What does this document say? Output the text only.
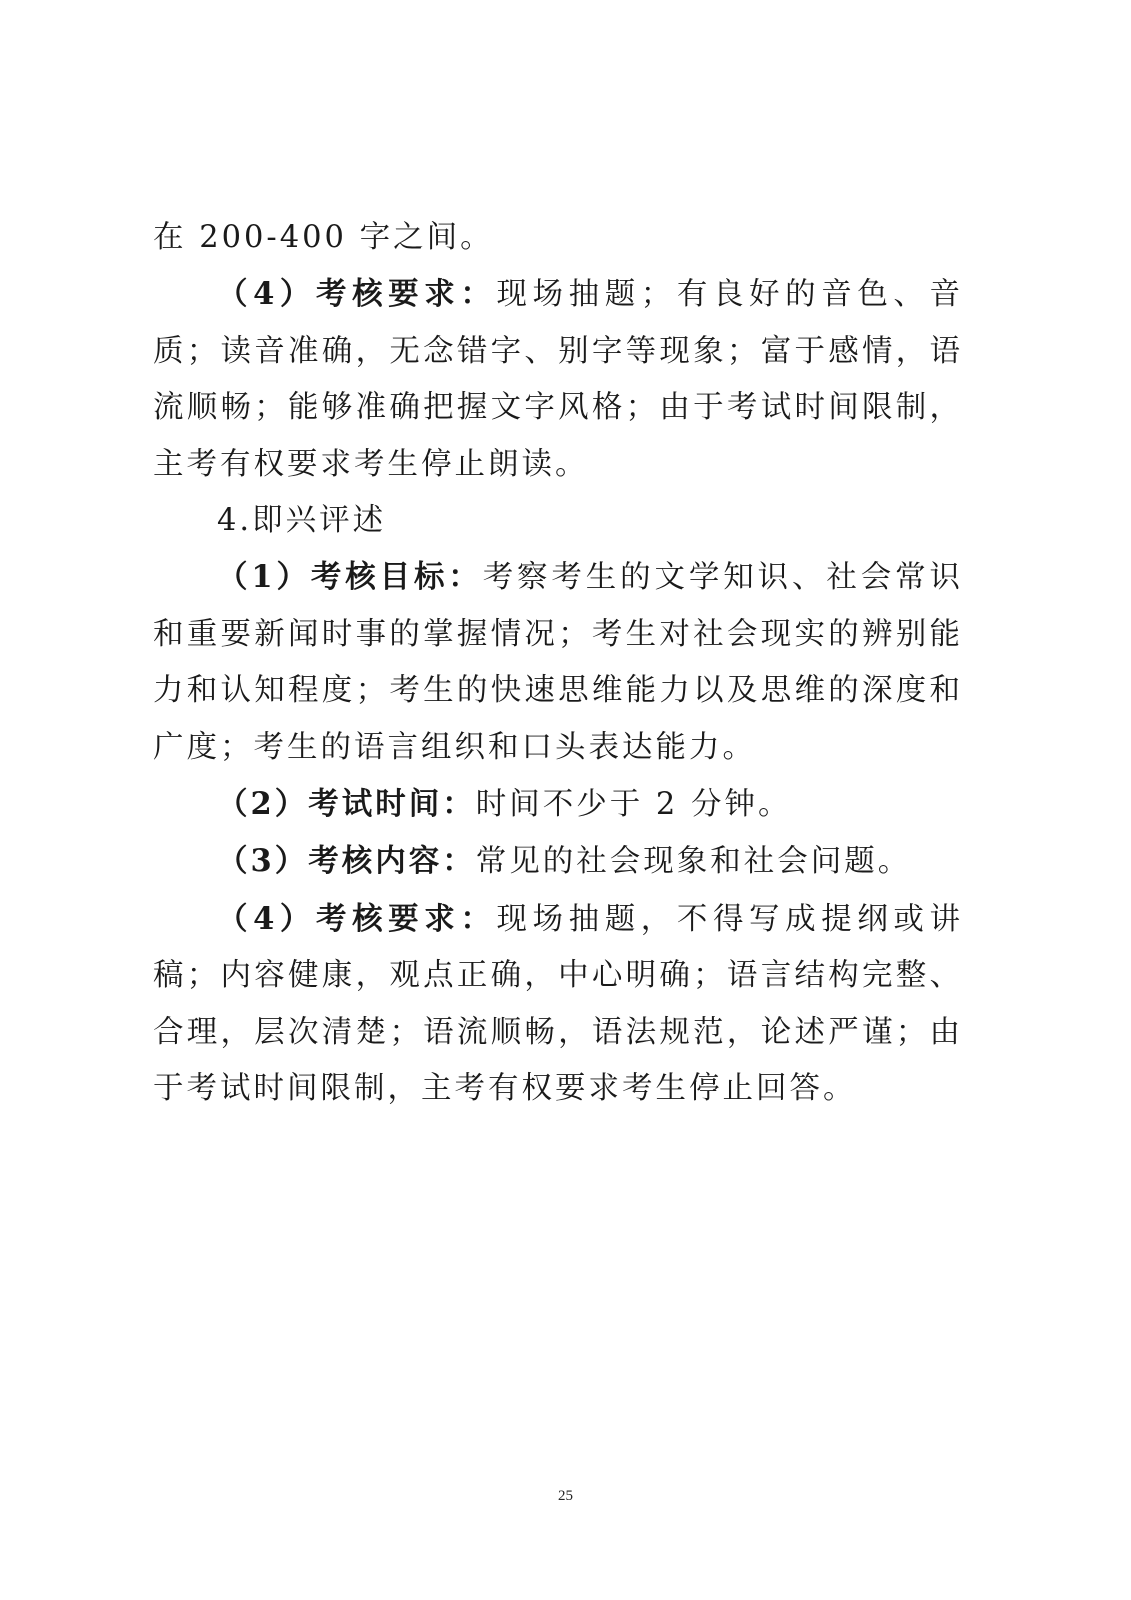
在 200-400 字之间。

（4）考核要求：现场抽题；有良好的音色、音质；读音准确，无念错字、别字等现象；富于感情，语流顺畅；能够准确把握文字风格；由于考试时间限制，主考有权要求考生停止朗读。

4.即兴评述

（1）考核目标：考察考生的文学知识、社会常识和重要新闻时事的掌握情况；考生对社会现实的辨别能力和认知程度；考生的快速思维能力以及思维的深度和广度；考生的语言组织和口头表达能力。

（2）考试时间：时间不少于 2 分钟。

（3）考核内容：常见的社会现象和社会问题。

（4）考核要求：现场抽题，不得写成提纲或讲稿；内容健康，观点正确，中心明确；语言结构完整、合理，层次清楚；语流顺畅，语法规范，论述严谨；由于考试时间限制，主考有权要求考生停止回答。

25
